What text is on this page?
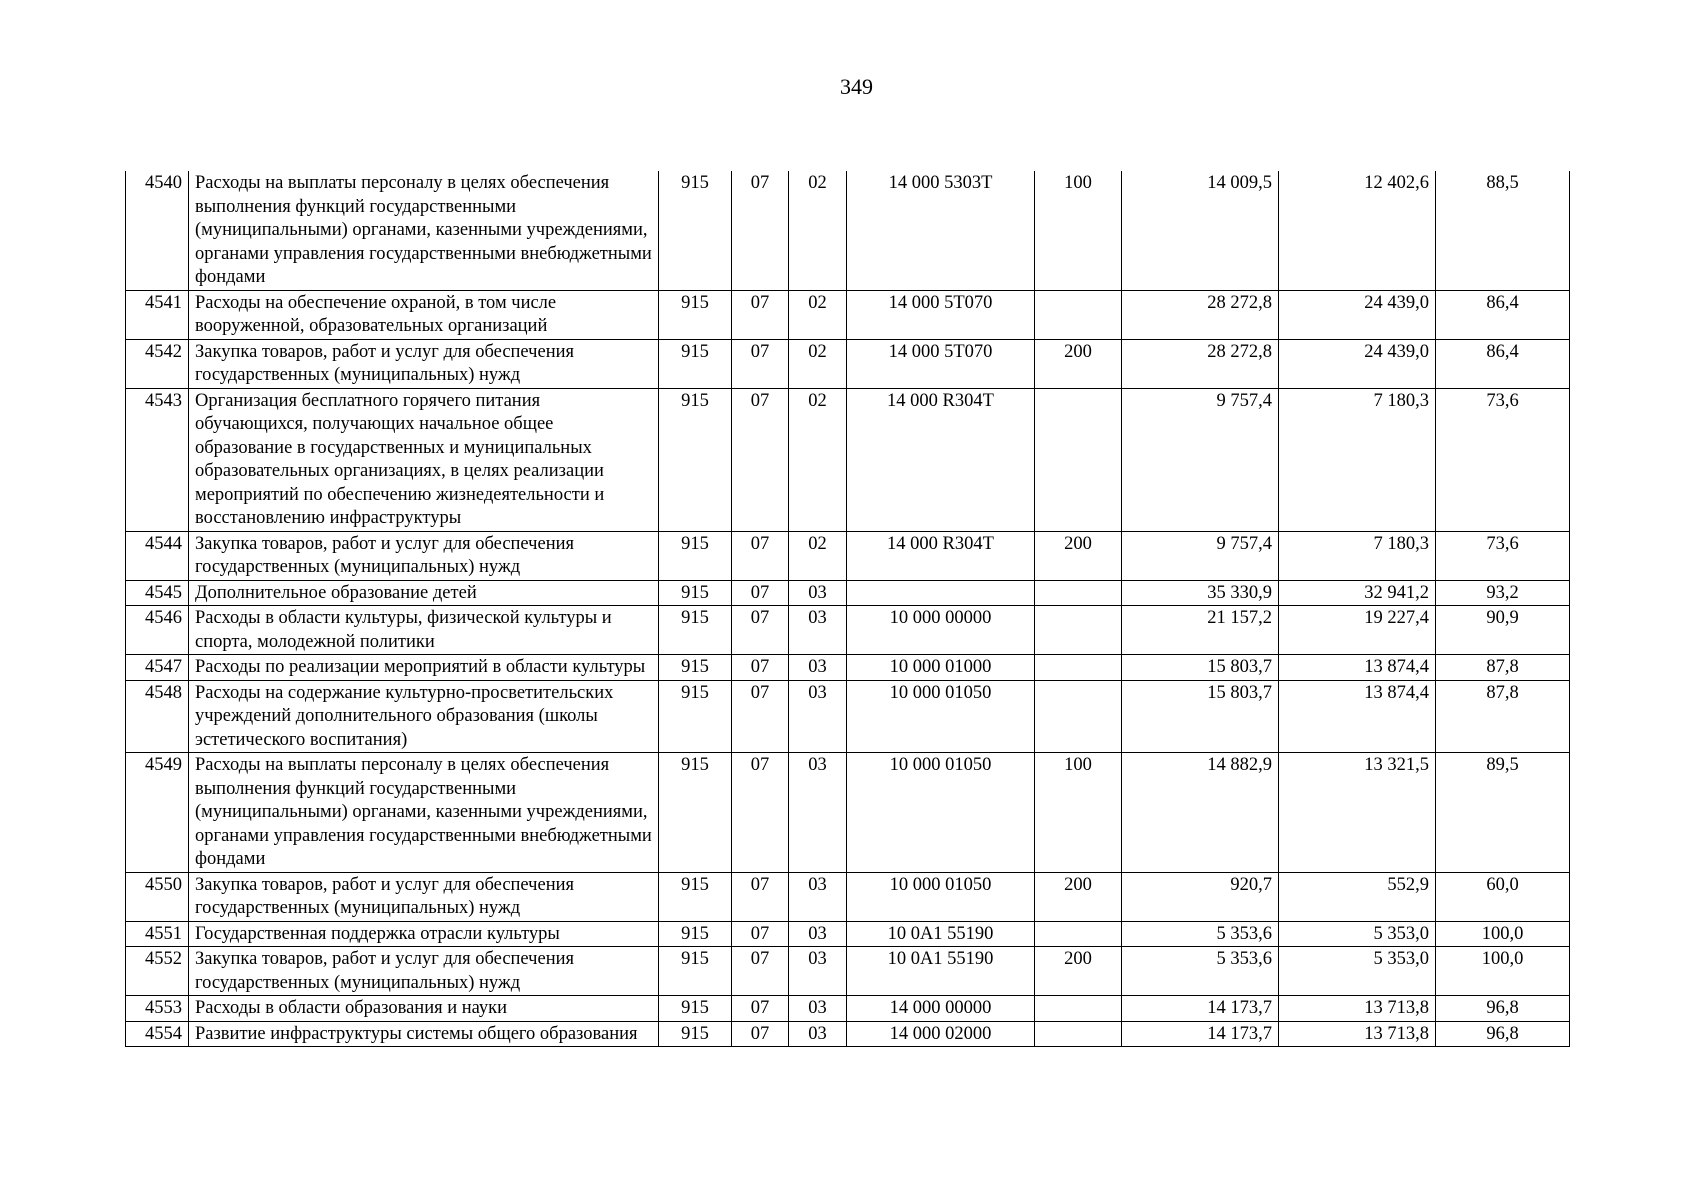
349
4540	Расходы на выплаты персоналу в целях обеспечения выполнения функций государственными (муниципальными) органами, казенными учреждениями, органами управления государственными внебюджетными фондами	915	07	02	14 000 5303T	100	14 009,5	12 402,6	88,5
4541	Расходы на обеспечение охраной, в том числе вооруженной, образовательных организаций	915	07	02	14 000 5T070		28 272,8	24 439,0	86,4
4542	Закупка товаров, работ и услуг для обеспечения государственных (муниципальных) нужд	915	07	02	14 000 5T070	200	28 272,8	24 439,0	86,4
4543	Организация бесплатного горячего питания обучающихся, получающих начальное общее образование в государственных и муниципальных образовательных организациях, в целях реализации мероприятий по обеспечению жизнедеятельности и восстановлению инфраструктуры	915	07	02	14 000 R304T		9 757,4	7 180,3	73,6
4544	Закупка товаров, работ и услуг для обеспечения государственных (муниципальных) нужд	915	07	02	14 000 R304T	200	9 757,4	7 180,3	73,6
4545	Дополнительное образование детей	915	07	03			35 330,9	32 941,2	93,2
4546	Расходы в области культуры, физической культуры и спорта, молодежной политики	915	07	03	10 000 00000		21 157,2	19 227,4	90,9
4547	Расходы по реализации мероприятий в области культуры	915	07	03	10 000 01000		15 803,7	13 874,4	87,8
4548	Расходы на содержание культурно-просветительских учреждений дополнительного образования (школы эстетического воспитания)	915	07	03	10 000 01050		15 803,7	13 874,4	87,8
4549	Расходы на выплаты персоналу в целях обеспечения выполнения функций государственными (муниципальными) органами, казенными учреждениями, органами управления государственными внебюджетными фондами	915	07	03	10 000 01050	100	14 882,9	13 321,5	89,5
4550	Закупка товаров, работ и услуг для обеспечения государственных (муниципальных) нужд	915	07	03	10 000 01050	200	920,7	552,9	60,0
4551	Государственная поддержка отрасли культуры	915	07	03	10 0A1 55190		5 353,6	5 353,0	100,0
4552	Закупка товаров, работ и услуг для обеспечения государственных (муниципальных) нужд	915	07	03	10 0A1 55190	200	5 353,6	5 353,0	100,0
4553	Расходы в области образования и науки	915	07	03	14 000 00000		14 173,7	13 713,8	96,8
4554	Развитие инфраструктуры системы общего образования	915	07	03	14 000 02000		14 173,7	13 713,8	96,8
